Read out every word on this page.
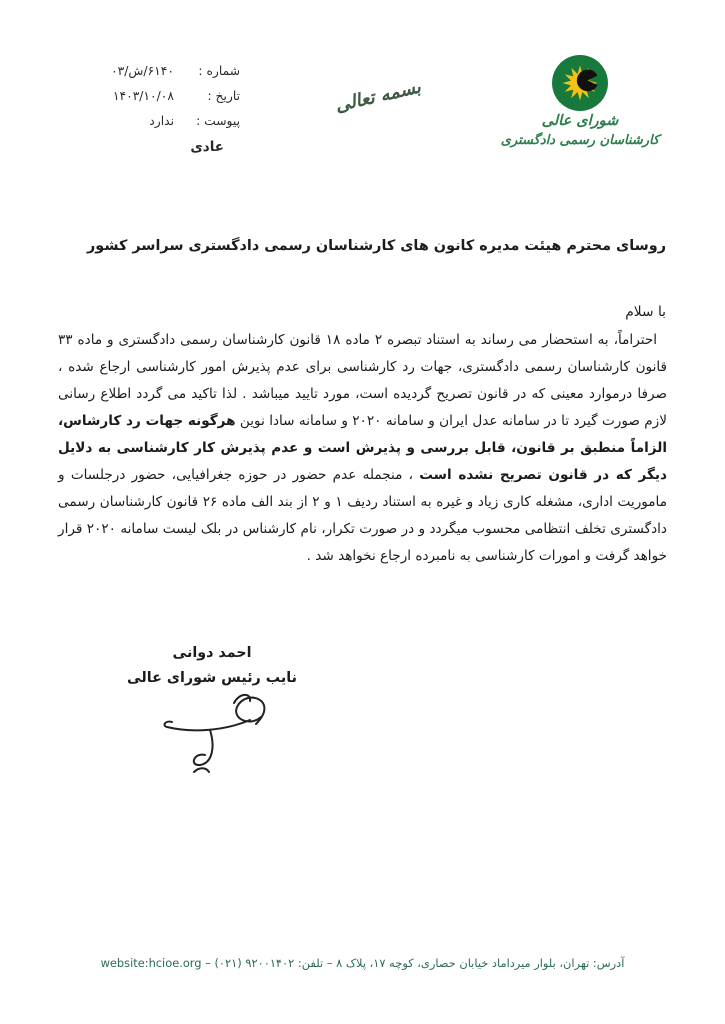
شماره :
۶۱۴۰/ش/۰۳
تاریخ :
۱۴۰۳/۱۰/۰۸
پیوست :
ندارد
عادی
بسمه تعالی
شورای عالی
کارشناسان رسمی دادگستری
روسای محترم هیئت مدیره کانون های کارشناسان رسمی دادگستری سراسر کشور
با سلام

احتراماً، به استحضار می رساند به استناد تبصره ۲ ماده ۱۸ قانون کارشناسان رسمی دادگستری و ماده ۳۳ قانون کارشناسان رسمی دادگستری، جهات رد کارشناسی برای عدم پذیرش امور کارشناسی ارجاع شده ، صرفا درموارد معینی که در قانون تصریح گردیده است، مورد تایید میباشد . لذا تاکید می گردد اطلاع رسانی لازم صورت گیرد تا در سامانه عدل ایران و سامانه ۲۰۲۰ و سامانه سادا نوین هرگونه جهات رد کارشاس، الزاماً منطبق بر قانون، قابل بررسی و پذیرش است و عدم پذیرش کار کارشناسی به دلایل دیگر که در قانون تصریح نشده است ، منجمله عدم حضور در حوزه جغرافیایی، حضور درجلسات و ماموریت اداری، مشغله کاری زیاد و غیره به استناد ردیف ۱ و ۲ از بند الف ماده ۲۶ قانون کارشناسان رسمی دادگستری تخلف انتظامی محسوب میگردد و در صورت تکرار، نام کارشناس در بلک لیست سامانه ۲۰۲۰ قرار خواهد گرفت و امورات کارشناسی به نامبرده ارجاع نخواهد شد .

احمد دوانی
نایب رئیس شورای عالی
آدرس: تهران، بلوار میرداماد خیابان حصاری، کوچه ۱۷، پلاک ۸ – تلفن: ۹۲۰۰۱۴۰۲ (۰۲۱) – website:hcioe.org
